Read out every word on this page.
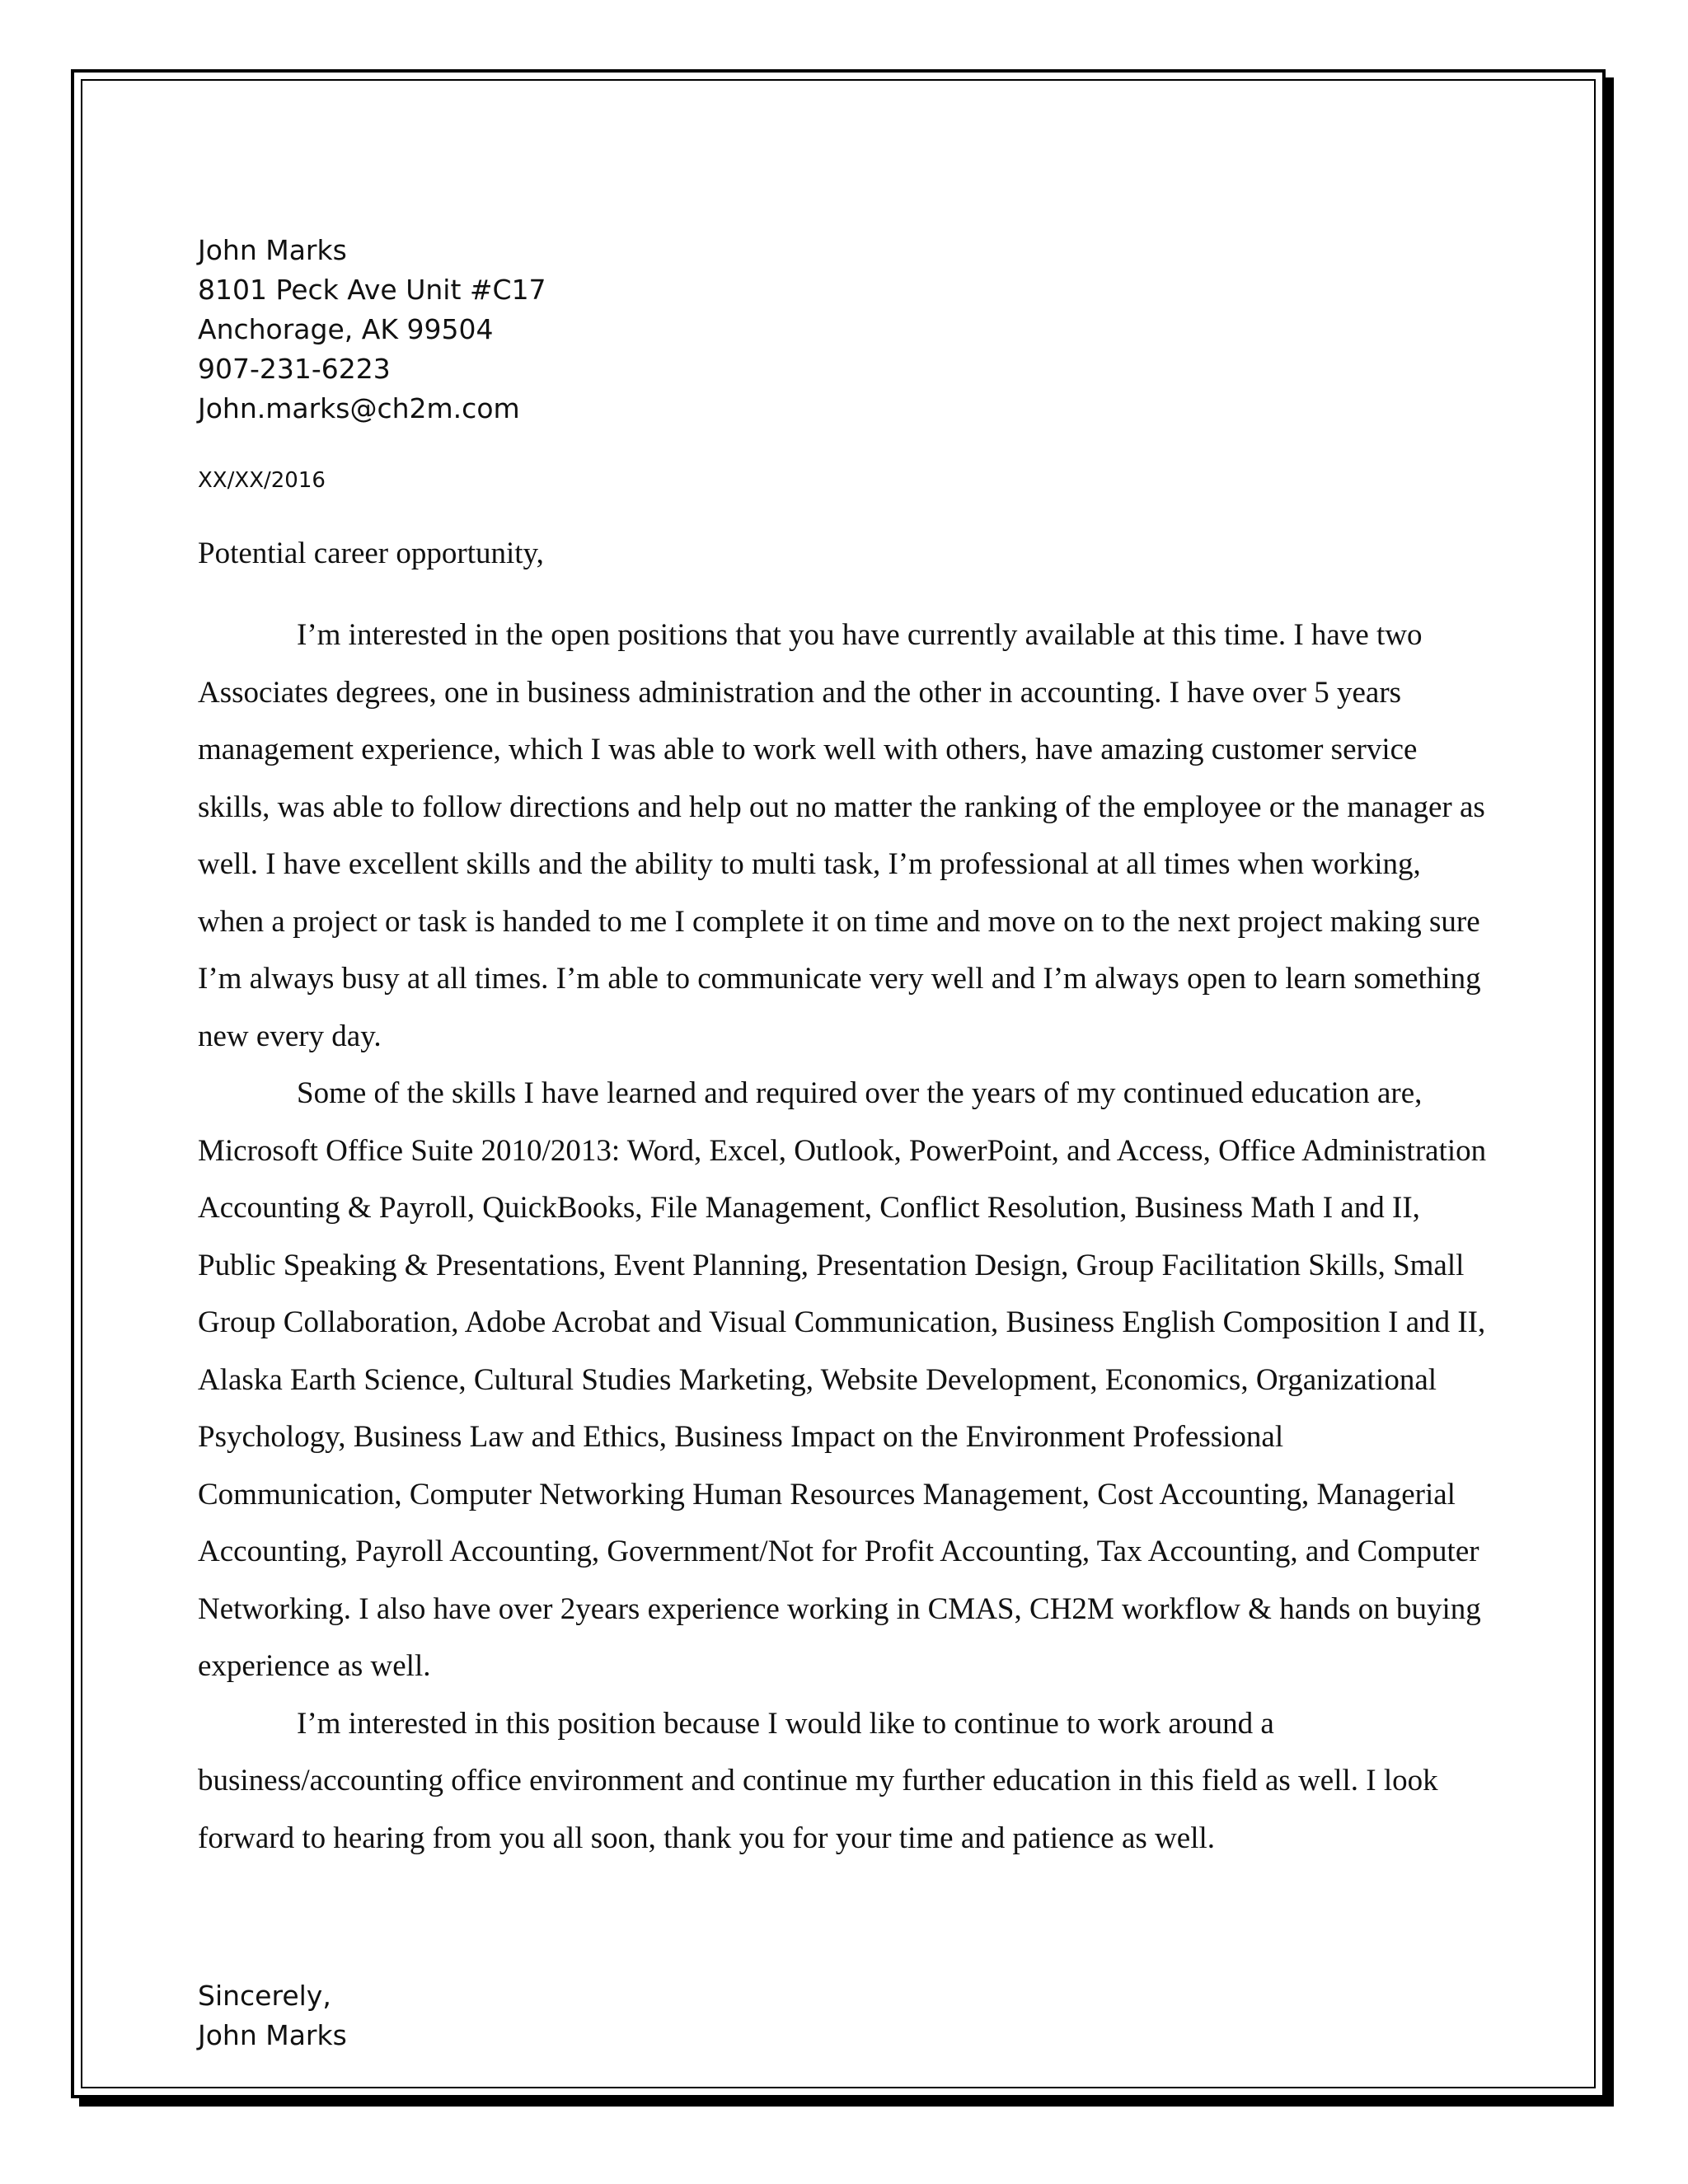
John Marks
8101 Peck Ave Unit #C17
Anchorage, AK 99504
907-231-6223
John.marks@ch2m.com
XX/XX/2016
Potential career opportunity,

I’m interested in the open positions that you have currently available at this time. I have two Associates degrees, one in business administration and the other in accounting. I have over 5 years management experience, which I was able to work well with others, have amazing customer service skills, was able to follow directions and help out no matter the ranking of the employee or the manager as well. I have excellent skills and the ability to multi task, I’m professional at all times when working, when a project or task is handed to me I complete it on time and move on to the next project making sure I’m always busy at all times. I’m able to communicate very well and I’m always open to learn something new every day.

Some of the skills I have learned and required over the years of my continued education are, Microsoft Office Suite 2010/2013: Word, Excel, Outlook, PowerPoint, and Access, Office Administration Accounting & Payroll, QuickBooks, File Management, Conflict Resolution, Business Math I and II, Public Speaking & Presentations, Event Planning, Presentation Design, Group Facilitation Skills, Small Group Collaboration, Adobe Acrobat and Visual Communication, Business English Composition I and II, Alaska Earth Science, Cultural Studies Marketing, Website Development, Economics, Organizational Psychology, Business Law and Ethics, Business Impact on the Environment Professional Communication, Computer Networking Human Resources Management, Cost Accounting, Managerial Accounting, Payroll Accounting, Government/Not for Profit Accounting, Tax Accounting, and Computer Networking. I also have over 2years experience working in CMAS, CH2M workflow & hands on buying experience as well.

I’m interested in this position because I would like to continue to work around a business/accounting office environment and continue my further education in this field as well. I look forward to hearing from you all soon, thank you for your time and patience as well.

Sincerely,
John Marks
